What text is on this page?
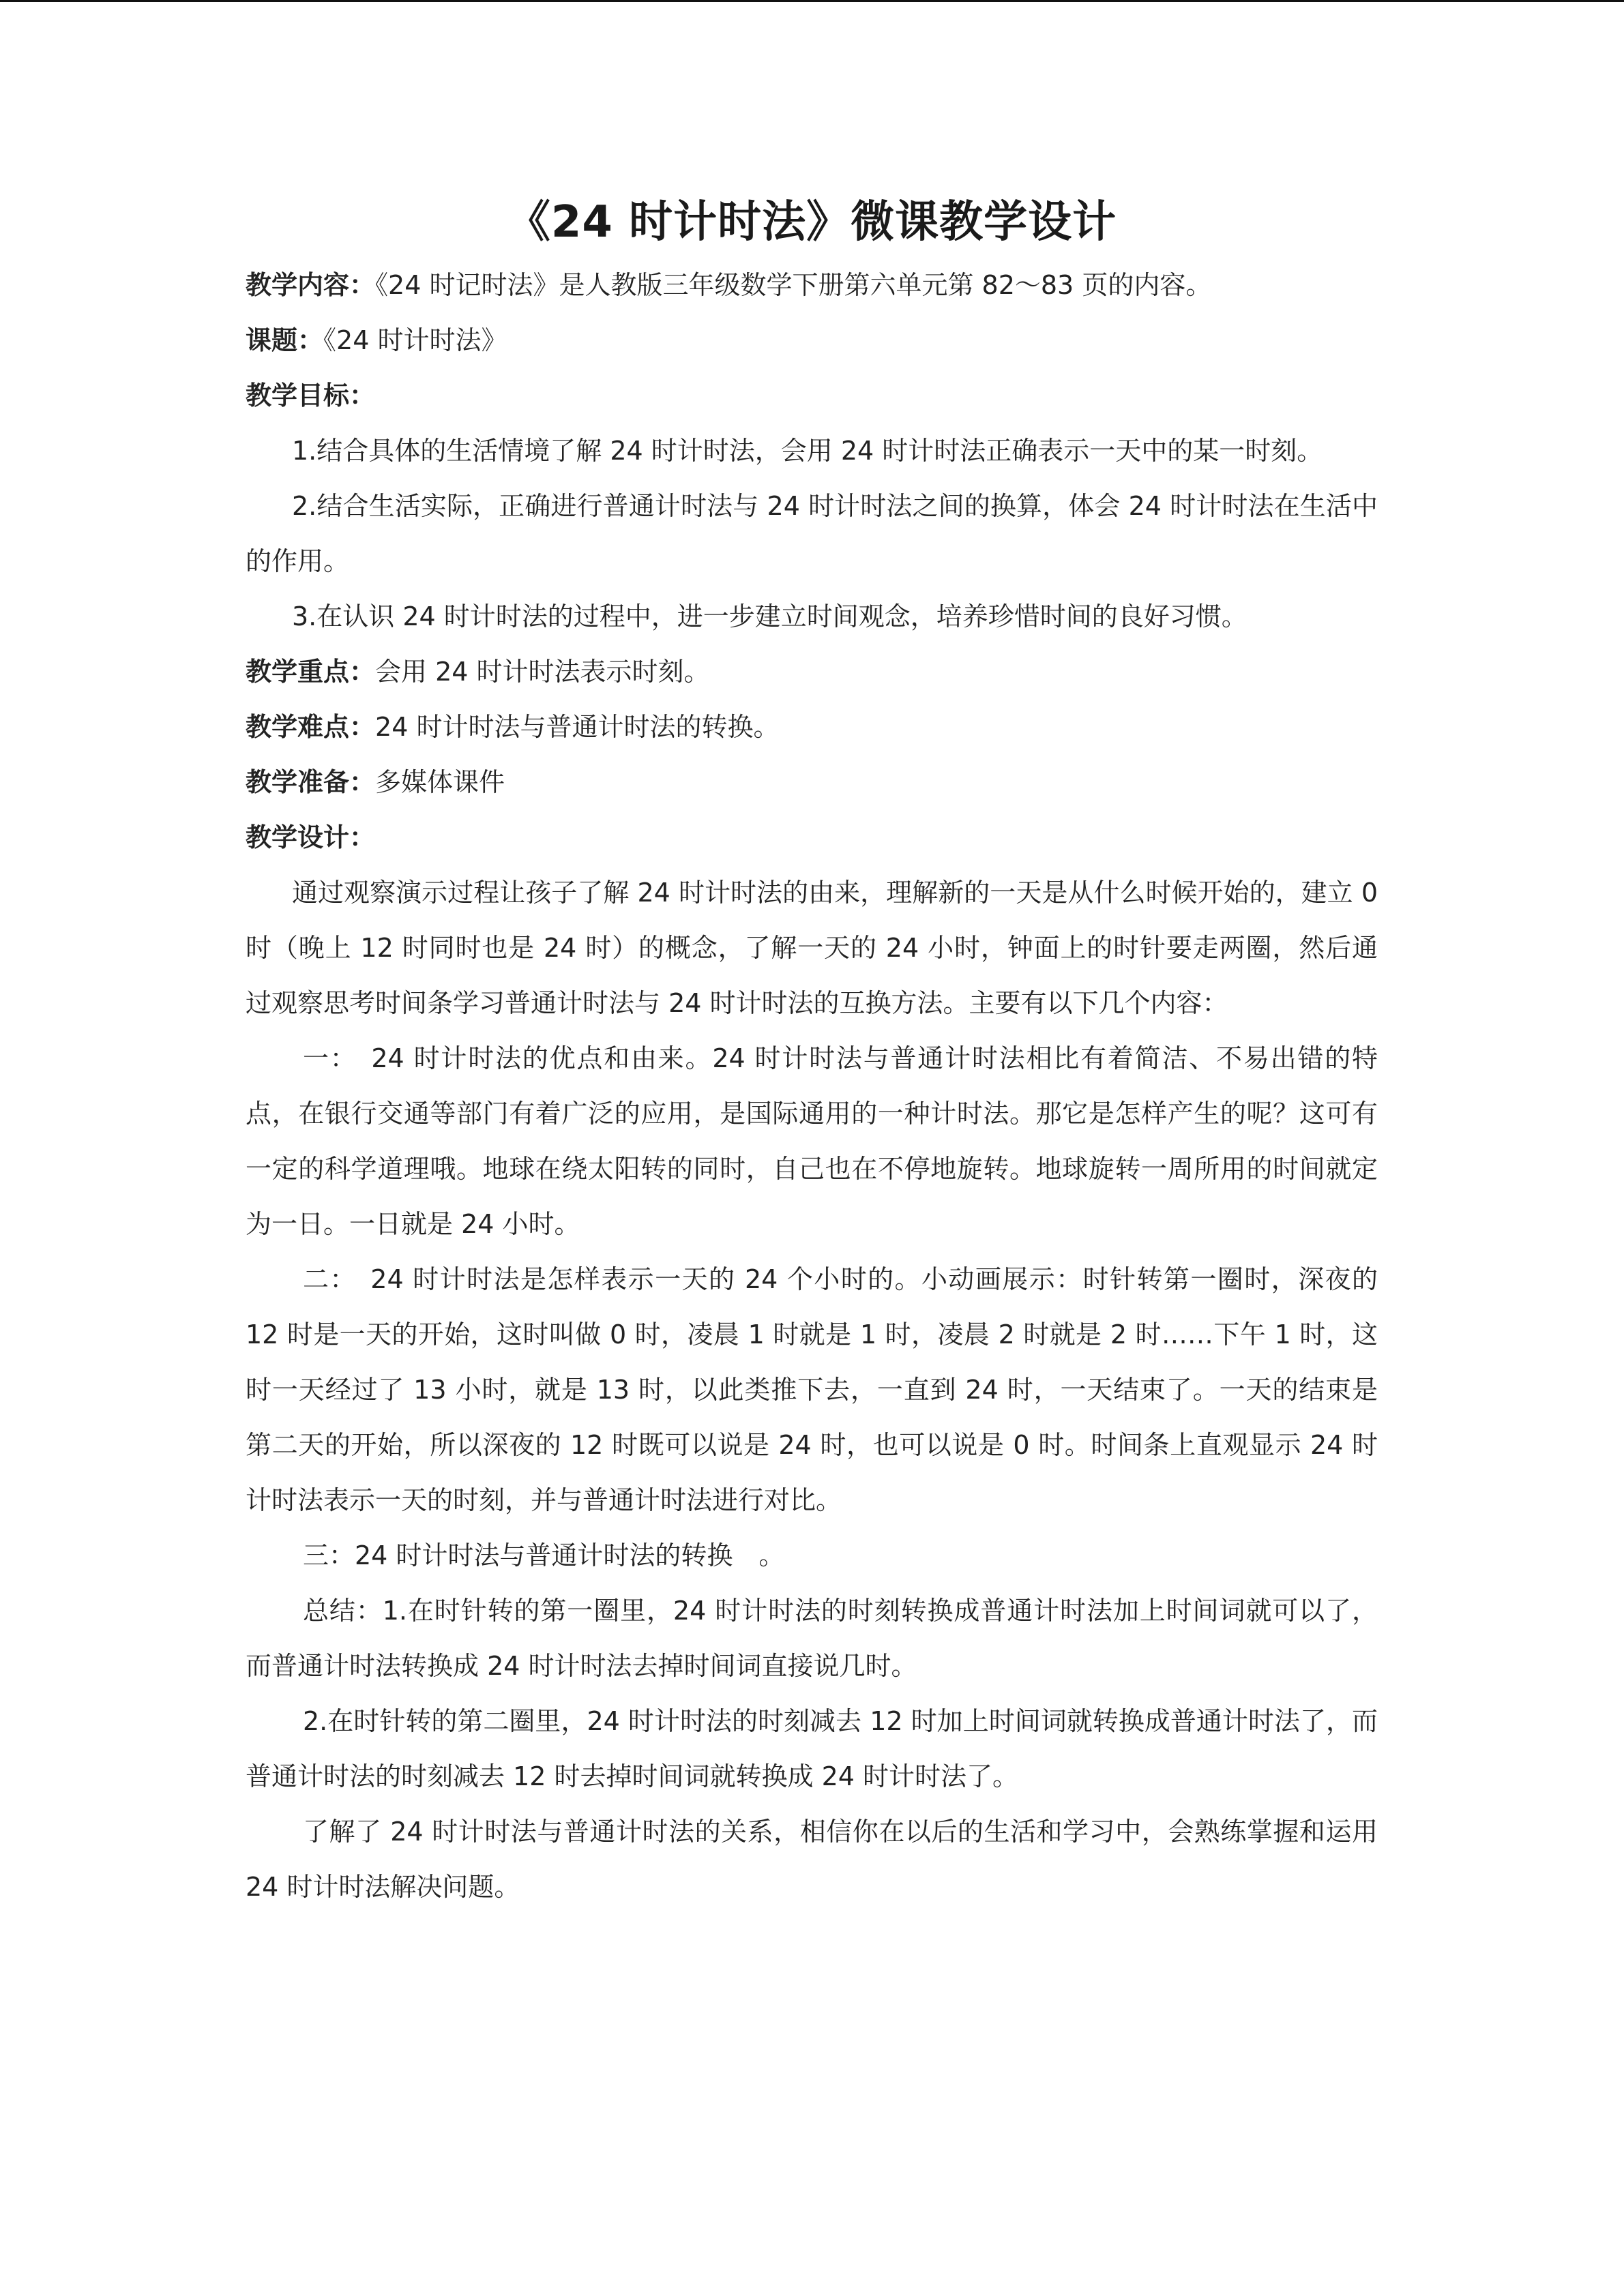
《24 时计时法》微课教学设计

教学内容：《24 时记时法》是人教版三年级数学下册第六单元第 82～83 页的内容。

课题：《24 时计时法》

教学目标：

1.结合具体的生活情境了解 24 时计时法，会用 24 时计时法正确表示一天中的某一时刻。

2.结合生活实际，正确进行普通计时法与 24 时计时法之间的换算，体会 24 时计时法在生活中的作用。

3.在认识 24 时计时法的过程中，进一步建立时间观念，培养珍惜时间的良好习惯。

教学重点：会用 24 时计时法表示时刻。

教学难点：24 时计时法与普通计时法的转换。

教学准备：多媒体课件

教学设计：

通过观察演示过程让孩子了解 24 时计时法的由来，理解新的一天是从什么时候开始的，建立 0 时（晚上 12 时同时也是 24 时）的概念，了解一天的 24 小时，钟面上的时针要走两圈，然后通过观察思考时间条学习普通计时法与 24 时计时法的互换方法。主要有以下几个内容：

一：　24 时计时法的优点和由来。24 时计时法与普通计时法相比有着简洁、不易出错的特点，在银行交通等部门有着广泛的应用，是国际通用的一种计时法。那它是怎样产生的呢？这可有一定的科学道理哦。地球在绕太阳转的同时，自己也在不停地旋转。地球旋转一周所用的时间就定为一日。一日就是 24 小时。

二：　24 时计时法是怎样表示一天的 24 个小时的。小动画展示：时针转第一圈时，深夜的 12 时是一天的开始，这时叫做 0 时，凌晨 1 时就是 1 时，凌晨 2 时就是 2 时……下午 1 时，这时一天经过了 13 小时，就是 13 时，以此类推下去，一直到 24 时，一天结束了。一天的结束是第二天的开始，所以深夜的 12 时既可以说是 24 时，也可以说是 0 时。时间条上直观显示 24 时计时法表示一天的时刻，并与普通计时法进行对比。

三：24 时计时法与普通计时法的转换　。

总结：1.在时针转的第一圈里，24 时计时法的时刻转换成普通计时法加上时间词就可以了，而普通计时法转换成 24 时计时法去掉时间词直接说几时。

2.在时针转的第二圈里，24 时计时法的时刻减去 12 时加上时间词就转换成普通计时法了，而普通计时法的时刻减去 12 时去掉时间词就转换成 24 时计时法了。

了解了 24 时计时法与普通计时法的关系，相信你在以后的生活和学习中，会熟练掌握和运用 24 时计时法解决问题。
